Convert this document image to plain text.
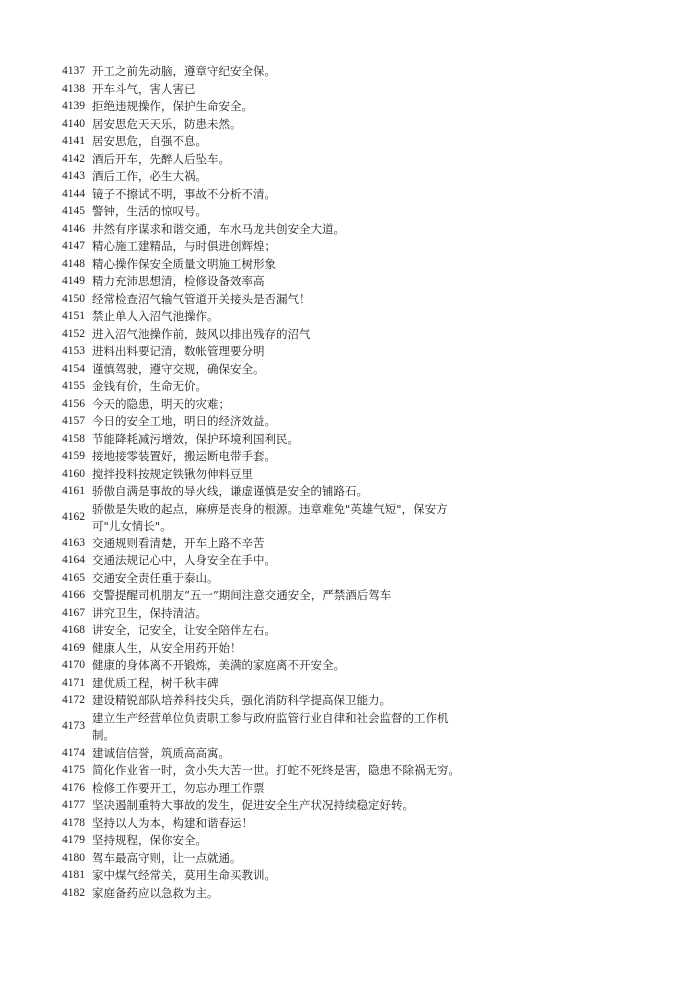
4137	开工之前先动脑，遵章守纪安全保。
4138	开车斗气，害人害已
4139	拒绝违规操作，保护生命安全。
4140	居安思危天天乐，防患未然。
4141	居安思危，自强不息。
4142	酒后开车，先醉人后坠车。
4143	酒后工作，必生大祸。
4144	镜子不擦试不明，事故不分析不清。
4145	警钟，生活的惊叹号。
4146	井然有序谋求和谐交通，车水马龙共创安全大道。
4147	精心施工建精品，与时俱进创辉煌；
4148	精心操作保安全质量文明施工树形象
4149	精力充沛思想清，检修设备效率高
4150	经常检查沼气输气管道开关接头是否漏气！
4151	禁止单人入沼气池操作。
4152	进入沼气池操作前，鼓风以排出残存的沼气
4153	进料出料要记清，数帐管理要分明
4154	谨慎驾驶，遵守交规，确保安全。
4155	金钱有价，生命无价。
4156	今天的隐患，明天的灾难；
4157	今日的安全工地，明日的经济效益。
4158	节能降耗减污增效，保护环境利国利民。
4159	接地接零装置好，搬运断电带手套。
4160	搅拌投料按规定铁锹勿伸料豆里
4161	骄傲自满是事故的导火线，谦虚谨慎是安全的铺路石。
4162	骄傲是失败的起点，麻痹是丧身的根源。违章难免"英雄气短"，保安方可"儿女情长"。
4163	交通规则看清楚，开车上路不辛苦
4164	交通法规记心中，人身安全在手中。
4165	交通安全责任重于泰山。
4166	交警提醒司机朋友“五一”期间注意交通安全，严禁酒后驾车
4167	讲究卫生，保持清洁。
4168	讲安全，记安全，让安全陪伴左右。
4169	健康人生，从安全用药开始！
4170	健康的身体离不开锻炼，美满的家庭离不开安全。
4171	建优质工程，树千秋丰碑
4172	建设精锐部队培养科技尖兵，强化消防科学提高保卫能力。
4173	建立生产经营单位负责职工参与政府监管行业自律和社会监督的工作机制。
4174	建诚信信誉，筑质高高寓。
4175	简化作业省一时，贪小失大苦一世。打蛇不死终是害，隐患不除祸无穷。
4176	检修工作要开工，勿忘办理工作票
4177	坚决遏制重特大事故的发生，促进安全生产状况持续稳定好转。
4178	坚持以人为本，构建和谐春运！
4179	坚持规程，保你安全。
4180	驾车最高守则，让一点就通。
4181	家中煤气经常关，莫用生命买教训。
4182	家庭备药应以急救为主。
